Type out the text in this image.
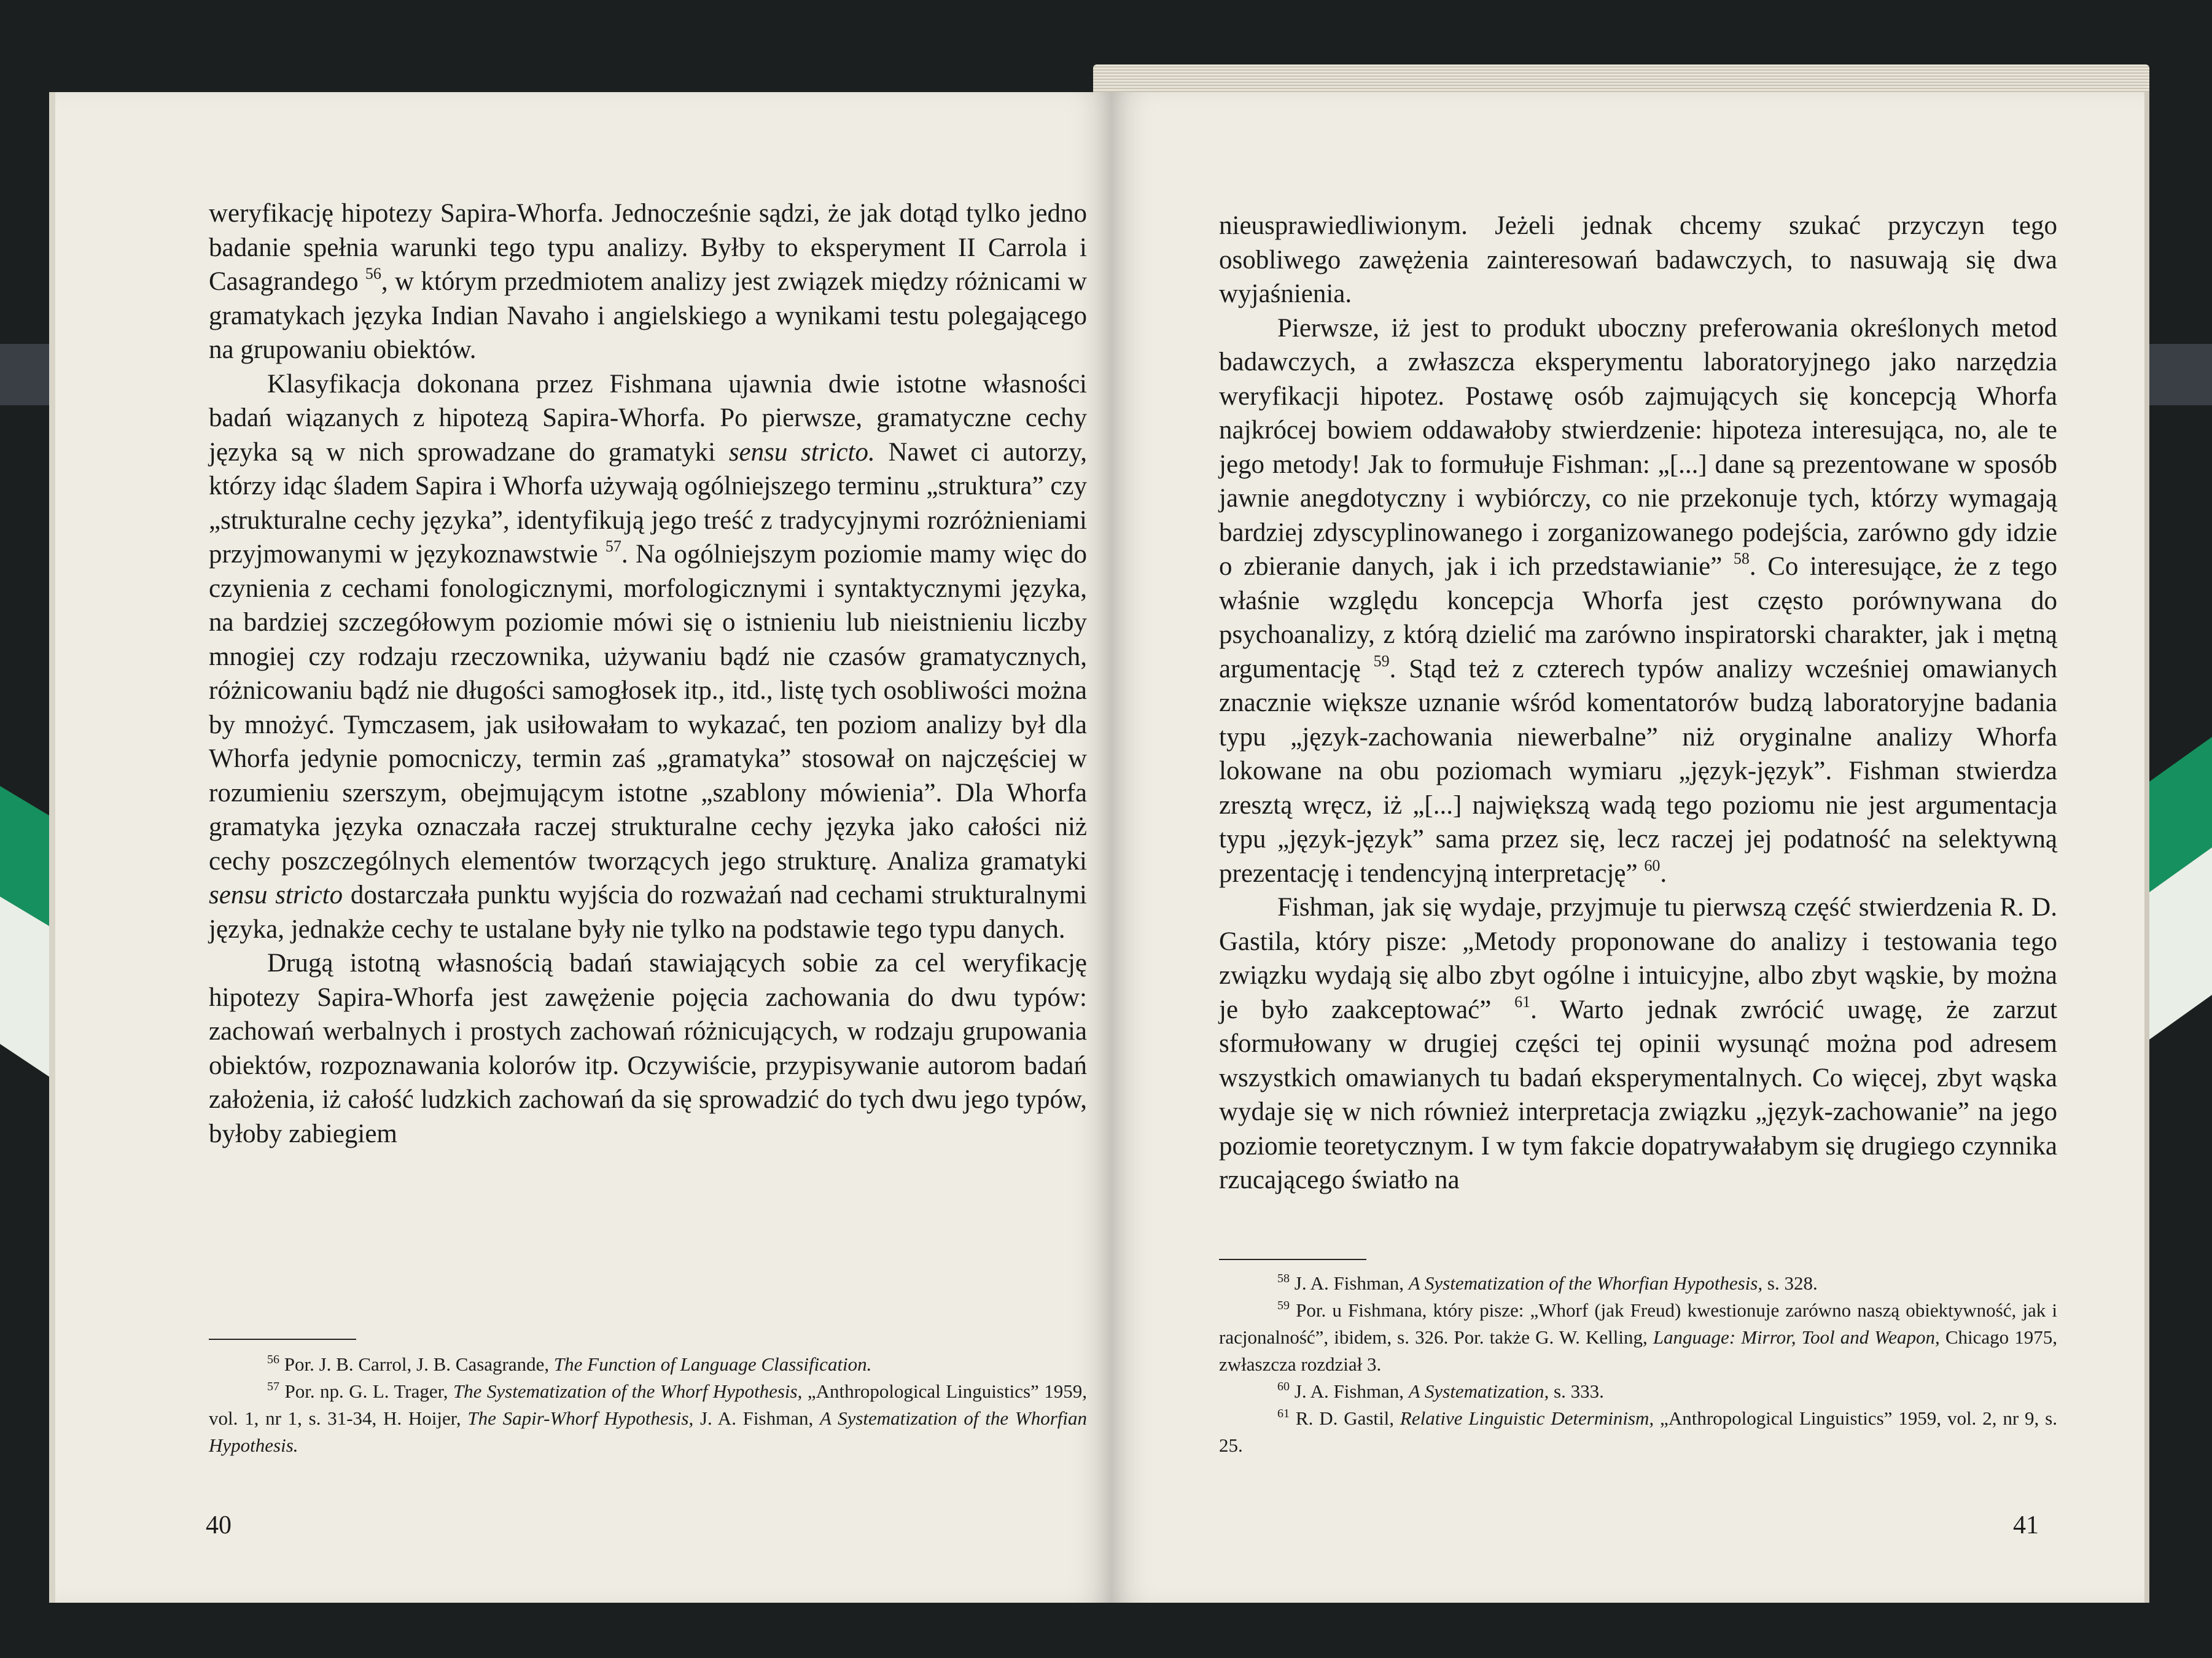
weryfikację hipotezy Sapira-Whorfa. Jednocześnie sądzi, że jak dotąd tylko jedno badanie spełnia warunki tego typu analizy. Byłby to eksperyment II Carrola i Casagrandego $^{56}$, w którym przedmiotem analizy jest związek między różnicami w gramatykach języka Indian Navaho i angielskiego a wynikami testu polegającego na grupowaniu obiektów.

Klasyfikacja dokonana przez Fishmana ujawnia dwie istotne własności badań wiązanych z hipotezą Sapira-Whorfa. Po pierwsze, gramatyczne cechy języka są w nich sprowadzane do gramatyki sensu stricto. Nawet ci autorzy, którzy idąc śladem Sapira i Whorfa używają ogólniejszego terminu „struktura” czy „strukturalne cechy języka”, identyfikują jego treść z tradycyjnymi rozróżnieniami przyjmowanymi w językoznawstwie $^{57}$. Na ogólniejszym poziomie mamy więc do czynienia z cechami fonologicznymi, morfologicznymi i syntaktycznymi języka, na bardziej szczegółowym poziomie mówi się o istnieniu lub nieistnieniu liczby mnogiej czy rodzaju rzeczownika, używaniu bądź nie czasów gramatycznych, różnicowaniu bądź nie długości samogłosek itp., itd., listę tych osobliwości można by mnożyć. Tymczasem, jak usiłowałam to wykazać, ten poziom analizy był dla Whorfa jedynie pomocniczy, termin zaś „gramatyka” stosował on najczęściej w rozumieniu szerszym, obejmującym istotne „szablony mówienia”. Dla Whorfa gramatyka języka oznaczała raczej strukturalne cechy języka jako całości niż cechy poszczególnych elementów tworzących jego strukturę. Analiza gramatyki sensu stricto dostarczała punktu wyjścia do rozważań nad cechami strukturalnymi języka, jednakże cechy te ustalane były nie tylko na podstawie tego typu danych.

Drugą istotną własnością badań stawiających sobie za cel weryfikację hipotezy Sapira-Whorfa jest zawężenie pojęcia zachowania do dwu typów: zachowań werbalnych i prostych zachowań różnicujących, w rodzaju grupowania obiektów, rozpoznawania kolorów itp. Oczywiście, przypisywanie autorom badań założenia, iż całość ludzkich zachowań da się sprowadzić do tych dwu jego typów, byłoby zabiegiem

$^{56}$ Por. J. B. Carrol, J. B. Casagrande, The Function of Language Classification.

$^{57}$ Por. np. G. L. Trager, The Systematization of the Whorf Hypothesis, „Anthropological Linguistics” 1959, vol. 1, nr 1, s. 31-34, H. Hoijer, The Sapir-Whorf Hypothesis, J. A. Fishman, A Systematization of the Whorfian Hypothesis.

40

nieusprawiedliwionym. Jeżeli jednak chcemy szukać przyczyn tego osobliwego zawężenia zainteresowań badawczych, to nasuwają się dwa wyjaśnienia.

Pierwsze, iż jest to produkt uboczny preferowania określonych metod badawczych, a zwłaszcza eksperymentu laboratoryjnego jako narzędzia weryfikacji hipotez. Postawę osób zajmujących się koncepcją Whorfa najkrócej bowiem oddawałoby stwierdzenie: hipoteza interesująca, no, ale te jego metody! Jak to formułuje Fishman: „[...] dane są prezentowane w sposób jawnie anegdotyczny i wybiórczy, co nie przekonuje tych, którzy wymagają bardziej zdyscyplinowanego i zorganizowanego podejścia, zarówno gdy idzie o zbieranie danych, jak i ich przedstawianie” $^{58}$. Co interesujące, że z tego właśnie względu koncepcja Whorfa jest często porównywana do psychoanalizy, z którą dzielić ma zarówno inspiratorski charakter, jak i mętną argumentację $^{59}$. Stąd też z czterech typów analizy wcześniej omawianych znacznie większe uznanie wśród komentatorów budzą laboratoryjne badania typu „język-zachowania niewerbalne” niż oryginalne analizy Whorfa lokowane na obu poziomach wymiaru „język-język”. Fishman stwierdza zresztą wręcz, iż „[...] największą wadą tego poziomu nie jest argumentacja typu „język-język” sama przez się, lecz raczej jej podatność na selektywną prezentację i tendencyjną interpretację” $^{60}$.

Fishman, jak się wydaje, przyjmuje tu pierwszą część stwierdzenia R. D. Gastila, który pisze: „Metody proponowane do analizy i testowania tego związku wydają się albo zbyt ogólne i intuicyjne, albo zbyt wąskie, by można je było zaakceptować” $^{61}$. Warto jednak zwrócić uwagę, że zarzut sformułowany w drugiej części tej opinii wysunąć można pod adresem wszystkich omawianych tu badań eksperymentalnych. Co więcej, zbyt wąska wydaje się w nich również interpretacja związku „język-zachowanie” na jego poziomie teoretycznym. I w tym fakcie dopatrywałabym się drugiego czynnika rzucającego światło na

$^{58}$ J. A. Fishman, A Systematization of the Whorfian Hypothesis, s. 328.

$^{59}$ Por. u Fishmana, który pisze: „Whorf (jak Freud) kwestionuje zarówno naszą obiektywność, jak i racjonalność”, ibidem, s. 326. Por. także G. W. Kelling, Language: Mirror, Tool and Weapon, Chicago 1975, zwłaszcza rozdział 3.

$^{60}$ J. A. Fishman, A Systematization, s. 333.

$^{61}$ R. D. Gastil, Relative Linguistic Determinism, „Anthropological Linguistics” 1959, vol. 2, nr 9, s. 25.

41
